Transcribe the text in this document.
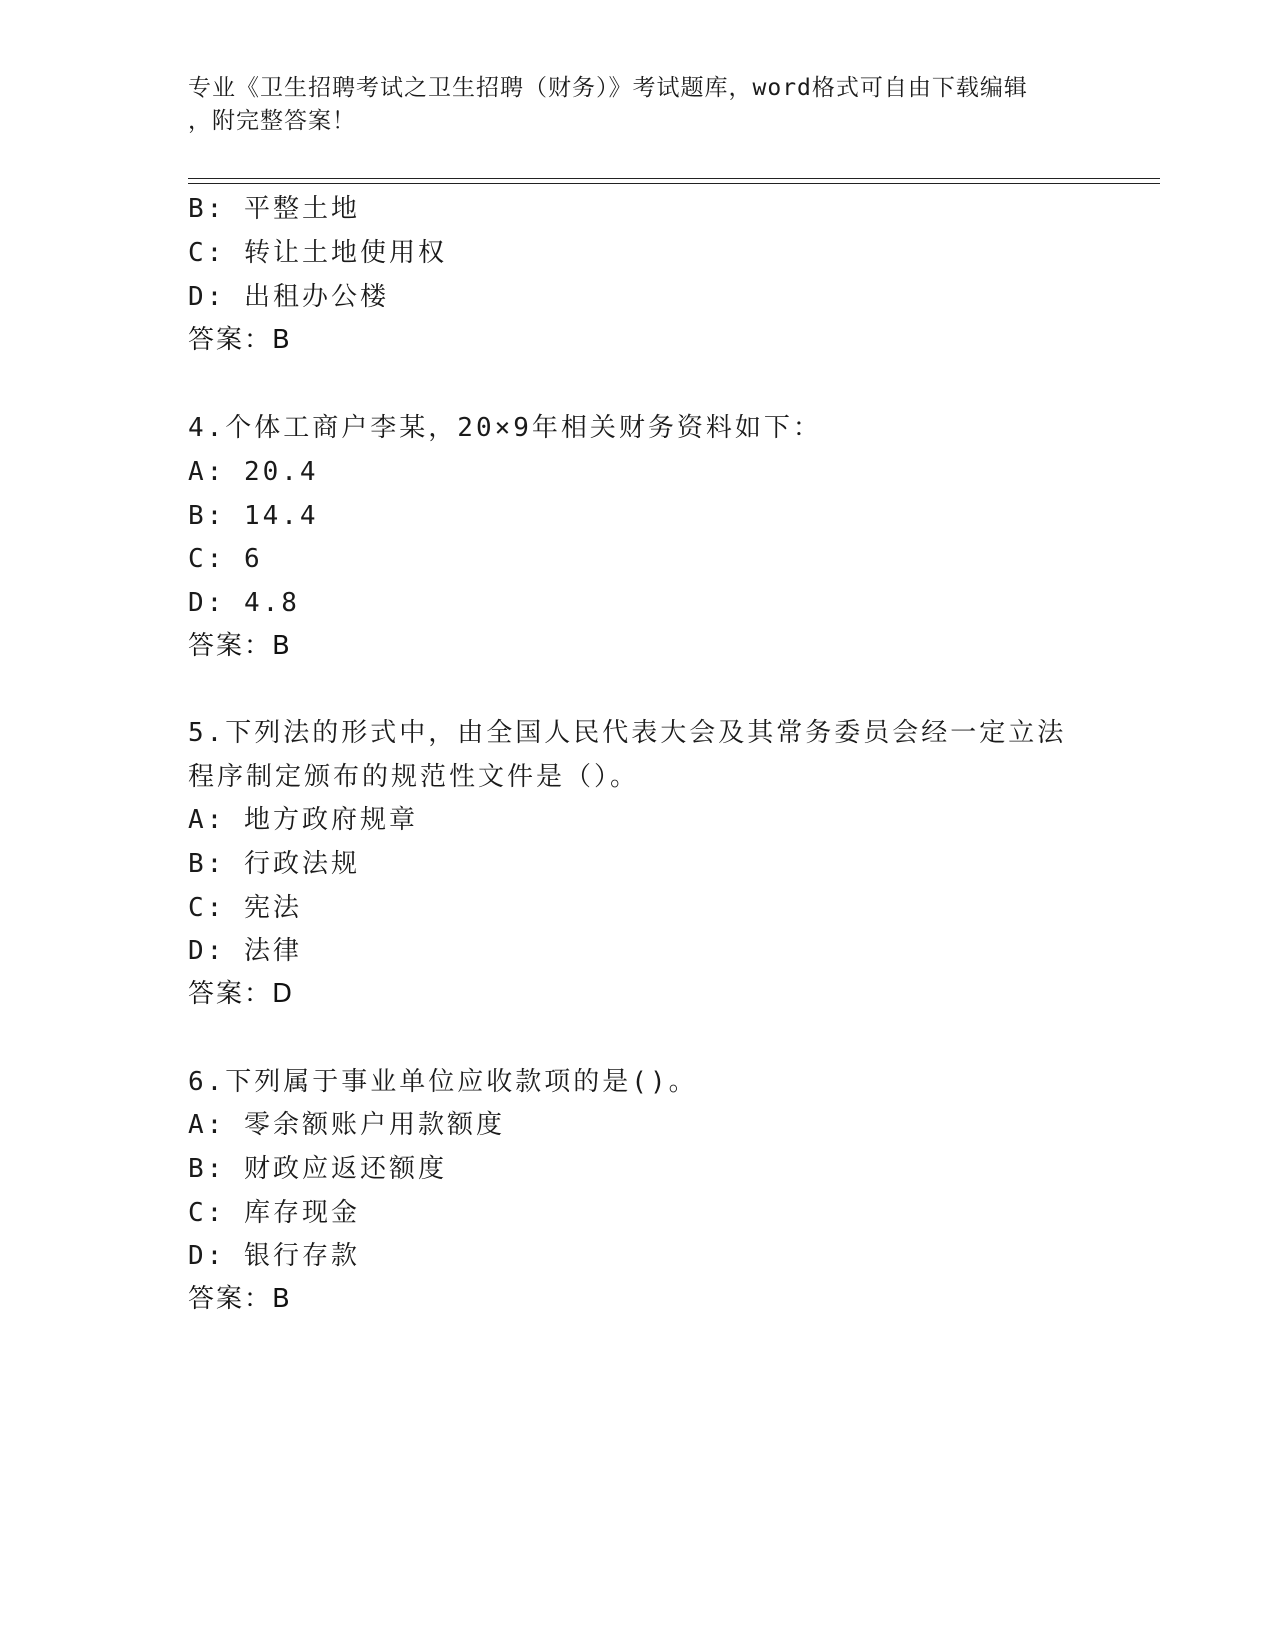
专业《卫生招聘考试之卫生招聘（财务）》考试题库，word格式可自由下载编辑
，附完整答案！
B: 平整土地
C: 转让土地使用权
D: 出租办公楼
答案：B
4.个体工商户李某，20×9年相关财务资料如下：
A: 20.4
B: 14.4
C: 6
D: 4.8
答案：B
5.下列法的形式中，由全国人民代表大会及其常务委员会经一定立法
程序制定颁布的规范性文件是（）。
A: 地方政府规章
B: 行政法规
C: 宪法
D: 法律
答案：D
6.下列属于事业单位应收款项的是()。
A: 零余额账户用款额度
B: 财政应返还额度
C: 库存现金
D: 银行存款
答案：B
